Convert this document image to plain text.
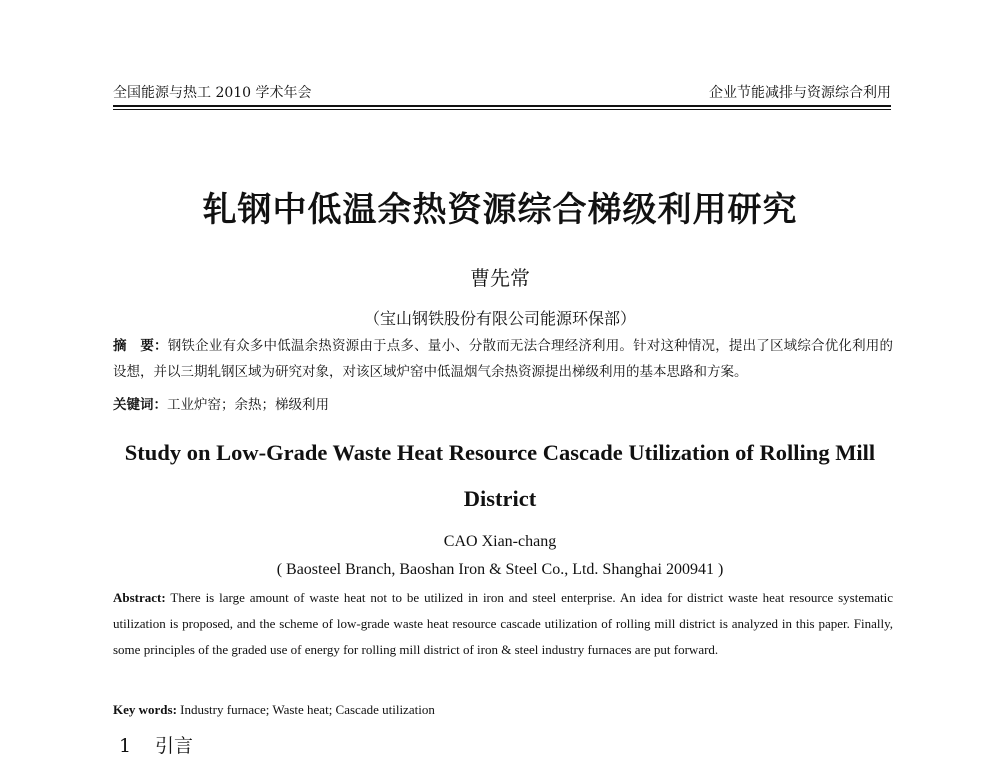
全国能源与热工 2010 学术年会	企业节能减排与资源综合利用
轧钢中低温余热资源综合梯级利用研究
曹先常
（宝山钢铁股份有限公司能源环保部）
摘　要：钢铁企业有众多中低温余热资源由于点多、量小、分散而无法合理经济利用。针对这种情况，提出了区域综合优化利用的设想，并以三期轧钢区域为研究对象，对该区域炉窑中低温烟气余热资源提出梯级利用的基本思路和方案。
关键词：工业炉窑；余热；梯级利用
Study on Low-Grade Waste Heat Resource Cascade Utilization of Rolling Mill District
CAO Xian-chang
( Baosteel Branch, Baoshan Iron & Steel Co., Ltd. Shanghai 200941 )
Abstract: There is large amount of waste heat not to be utilized in iron and steel enterprise. An idea for district waste heat resource systematic utilization is proposed, and the scheme of low-grade waste heat resource cascade utilization of rolling mill district is analyzed in this paper. Finally, some principles of the graded use of energy for rolling mill district of iron & steel industry furnaces are put forward.
Key words: Industry furnace; Waste heat; Cascade utilization
1 引言
